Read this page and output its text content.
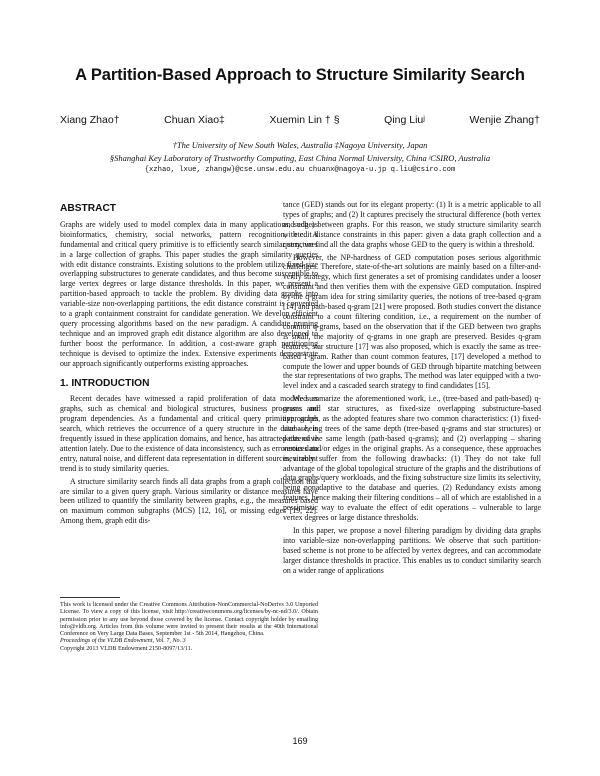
A Partition-Based Approach to Structure Similarity Search
Xiang Zhao†	Chuan Xiao‡	Xuemin Lin † §	Qing Liuʲ	Wenjie Zhang†
†The University of New South Wales, Australia ‡Nagoya University, Japan
§Shanghai Key Laboratory of Trustworthy Computing, East China Normal University, China ʲCSIRO, Australia
{xzhao, lxue, zhangw}@cse.unsw.edu.au chuanx@nagoya-u.jp q.liu@csiro.com
ABSTRACT

Graphs are widely used to model complex data in many applications, such as bioinformatics, chemistry, social networks, pattern recognition, etc. A fundamental and critical query primitive is to efficiently search similar structures in a large collection of graphs. This paper studies the graph similarity queries with edit distance constraints. Existing solutions to the problem utilize fixed-size overlapping substructures to generate candidates, and thus become susceptible to large vertex degrees or large distance thresholds. In this paper, we present a partition-based approach to tackle the problem. By dividing data graphs into variable-size non-overlapping partitions, the edit distance constraint is converted to a graph containment constraint for candidate generation. We develop efficient query processing algorithms based on the new paradigm. A candidate pruning technique and an improved graph edit distance algorithm are also developed to further boost the performance. In addition, a cost-aware graph partitioning technique is devised to optimize the index. Extensive experiments demonstrate our approach significantly outperforms existing approaches.

1. INTRODUCTION

Recent decades have witnessed a rapid proliferation of data modeled as graphs, such as chemical and biological structures, business processes and program dependencies. As a fundamental and critical query primitive, graph search, which retrieves the occurrence of a query structure in the database, is frequently issued in these application domains, and hence, has attracted extensive attention lately. Due to the existence of data inconsistency, such as erroneous data entry, natural noise, and different data representation in different sources, a recent trend is to study similarity queries.

A structure similarity search finds all data graphs from a graph collection that are similar to a given query graph. Various similarity or distance measures have been utilized to quantify the similarity between graphs, e.g., the measures based on maximum common subgraphs (MCS) [12, 16], or missing edges [19, 22]. Among them, graph edit dis-

This work is licensed under the Creative Commons Attribution-NonCommercial-NoDerivs 3.0 Unported License. To view a copy of this license, visit http://creativecommons.org/licenses/by-nc-nd/3.0/. Obtain permission prior to any use beyond those covered by the license. Contact copyright holder by emailing info@vldb.org. Articles from this volume were invited to present their results at the 40th International Conference on Very Large Data Bases, September 1st - 5th 2014, Hangzhou, China.

Proceedings of the VLDB Endowment, Vol. 7, No. 3

Copyright 2013 VLDB Endowment 2150-8097/13/11.

tance (GED) stands out for its elegant property: (1) It is a metric applicable to all types of graphs; and (2) It captures precisely the structural difference (both vertex and edge) between graphs. For this reason, we study structure similarity search with edit distance constraints in this paper: given a data graph collection and a query, we find all the data graphs whose GED to the query is within a threshold.

However, the NP-hardness of GED computation poses serious algorithmic challenges. Therefore, state-of-the-art solutions are mainly based on a filter-and-verify strategy, which first generates a set of promising candidates under a looser constraint and then verifies them with the expensive GED computation. Inspired by the q-gram idea for string similarity queries, the notions of tree-based q-gram [14] and path-based q-gram [21] were proposed. Both studies convert the distance constraint to a count filtering condition, i.e., a requirement on the number of common q-grams, based on the observation that if the GED between two graphs is small, the majority of q-grams in one graph are preserved. Besides q-gram features, star structure [17] was also proposed, which is exactly the same as tree-based 1-gram. Rather than count common features, [17] developed a method to compute the lower and upper bounds of GED through bipartite matching between the star representations of two graphs. The method was later equipped with a two-level index and a cascaded search strategy to find candidates [15].

We summarize the aforementioned work, i.e., (tree-based and path-based) q-grams and star structures, as fixed-size overlapping substructure-based approaches, as the adopted features share two common characteristics: (1) fixed-size – being trees of the same depth (tree-based q-grams and star structures) or paths of the same length (path-based q-grams); and (2) overlapping – sharing vertices and/or edges in the original graphs. As a consequence, these approaches inevitably suffer from the following drawbacks: (1) They do not take full advantage of the global topological structure of the graphs and the distributions of data graphs/query workloads, and the fixing substructure size limits its selectivity, being nonadaptive to the database and queries. (2) Redundancy exists among features, hence making their filtering conditions – all of which are established in a pessimistic way to evaluate the effect of edit operations – vulnerable to large vertex degrees or large distance thresholds.

In this paper, we propose a novel filtering paradigm by dividing data graphs into variable-size non-overlapping partitions. We observe that such partition-based scheme is not prone to be affected by vertex degrees, and can accommodate larger distance thresholds in practice. This enables us to conduct similarity search on a wider range of applications

169
